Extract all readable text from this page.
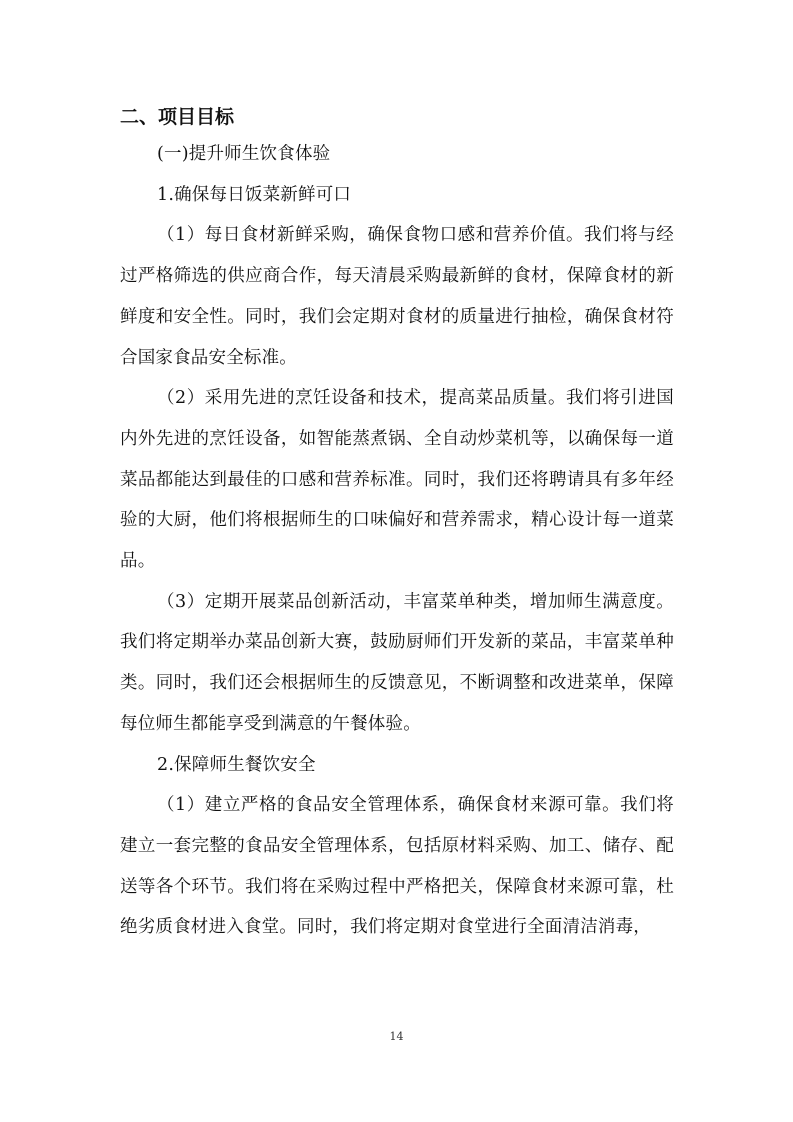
二、项目目标

(一)提升师生饮食体验

1.确保每日饭菜新鲜可口

（1）每日食材新鲜采购，确保食物口感和营养价值。我们将与经过严格筛选的供应商合作，每天清晨采购最新鲜的食材，保障食材的新鲜度和安全性。同时，我们会定期对食材的质量进行抽检，确保食材符合国家食品安全标准。

（2）采用先进的烹饪设备和技术，提高菜品质量。我们将引进国内外先进的烹饪设备，如智能蒸煮锅、全自动炒菜机等，以确保每一道菜品都能达到最佳的口感和营养标准。同时，我们还将聘请具有多年经验的大厨，他们将根据师生的口味偏好和营养需求，精心设计每一道菜品。

（3）定期开展菜品创新活动，丰富菜单种类，增加师生满意度。我们将定期举办菜品创新大赛，鼓励厨师们开发新的菜品，丰富菜单种类。同时，我们还会根据师生的反馈意见，不断调整和改进菜单，保障每位师生都能享受到满意的午餐体验。

2.保障师生餐饮安全

（1）建立严格的食品安全管理体系，确保食材来源可靠。我们将建立一套完整的食品安全管理体系，包括原材料采购、加工、储存、配送等各个环节。我们将在采购过程中严格把关，保障食材来源可靠，杜绝劣质食材进入食堂。同时，我们将定期对食堂进行全面清洁消毒，

14
